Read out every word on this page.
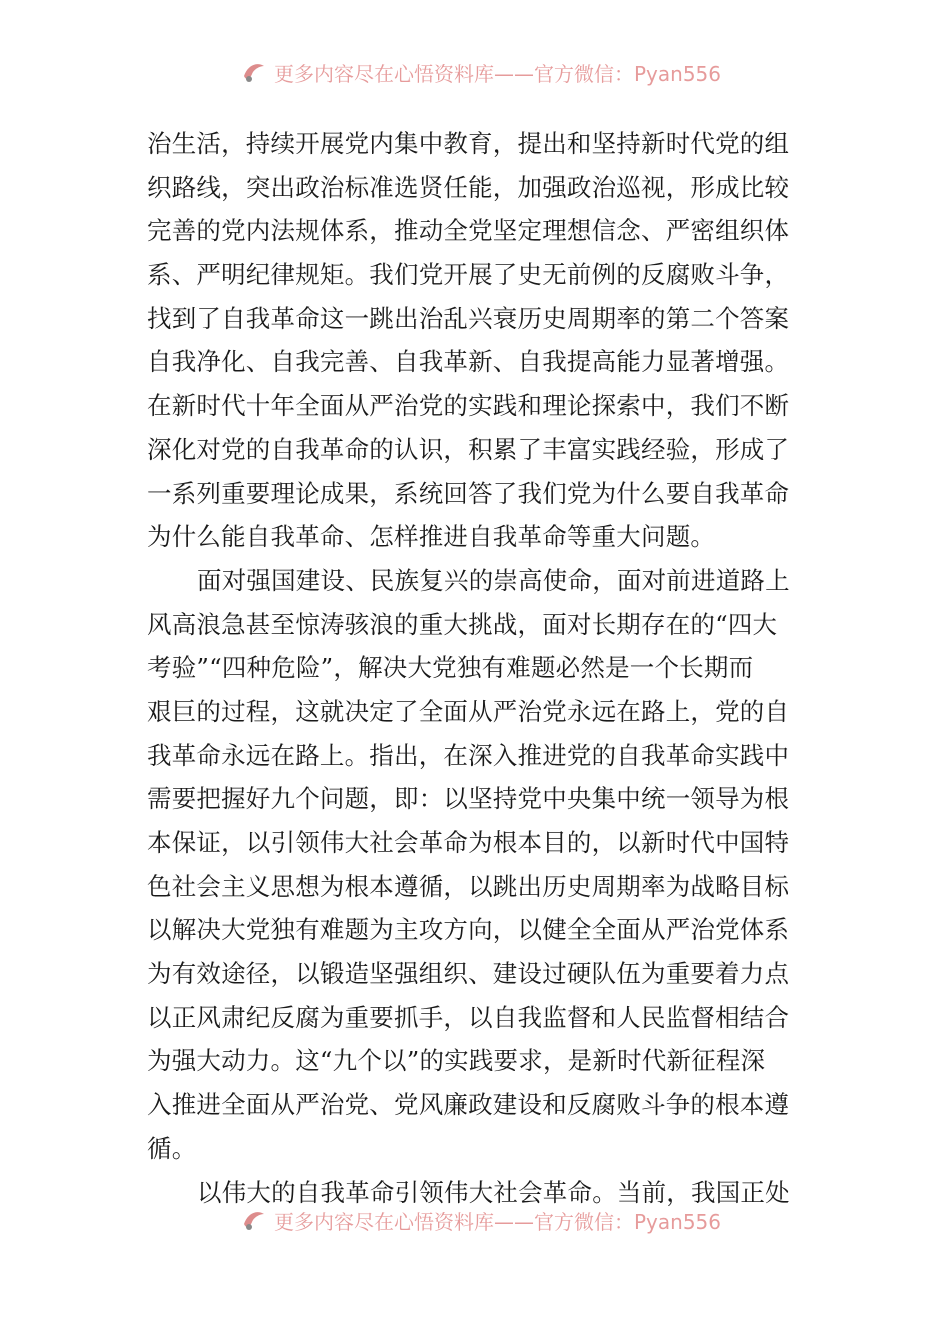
更多内容尽在心悟资料库——官方微信：Pyan556
治生活，持续开展党内集中教育，提出和坚持新时代党的组
织路线，突出政治标准选贤任能，加强政治巡视，形成比较
完善的党内法规体系，推动全党坚定理想信念、严密组织体
系、严明纪律规矩。我们党开展了史无前例的反腐败斗争，
找到了自我革命这一跳出治乱兴衰历史周期率的第二个答案
自我净化、自我完善、自我革新、自我提高能力显著增强。
在新时代十年全面从严治党的实践和理论探索中，我们不断
深化对党的自我革命的认识，积累了丰富实践经验，形成了
一系列重要理论成果，系统回答了我们党为什么要自我革命
为什么能自我革命、怎样推进自我革命等重大问题。
面对强国建设、民族复兴的崇高使命，面对前进道路上
风高浪急甚至惊涛骇浪的重大挑战，面对长期存在的“四大
考验”“四种危险”，解决大党独有难题必然是一个长期而
艰巨的过程，这就决定了全面从严治党永远在路上，党的自
我革命永远在路上。指出，在深入推进党的自我革命实践中
需要把握好九个问题，即：以坚持党中央集中统一领导为根
本保证，以引领伟大社会革命为根本目的，以新时代中国特
色社会主义思想为根本遵循，以跳出历史周期率为战略目标
以解决大党独有难题为主攻方向，以健全全面从严治党体系
为有效途径，以锻造坚强组织、建设过硬队伍为重要着力点
以正风肃纪反腐为重要抓手，以自我监督和人民监督相结合
为强大动力。这“九个以”的实践要求，是新时代新征程深
入推进全面从严治党、党风廉政建设和反腐败斗争的根本遵
循。
以伟大的自我革命引领伟大社会革命。当前，我国正处
更多内容尽在心悟资料库——官方微信：Pyan556
